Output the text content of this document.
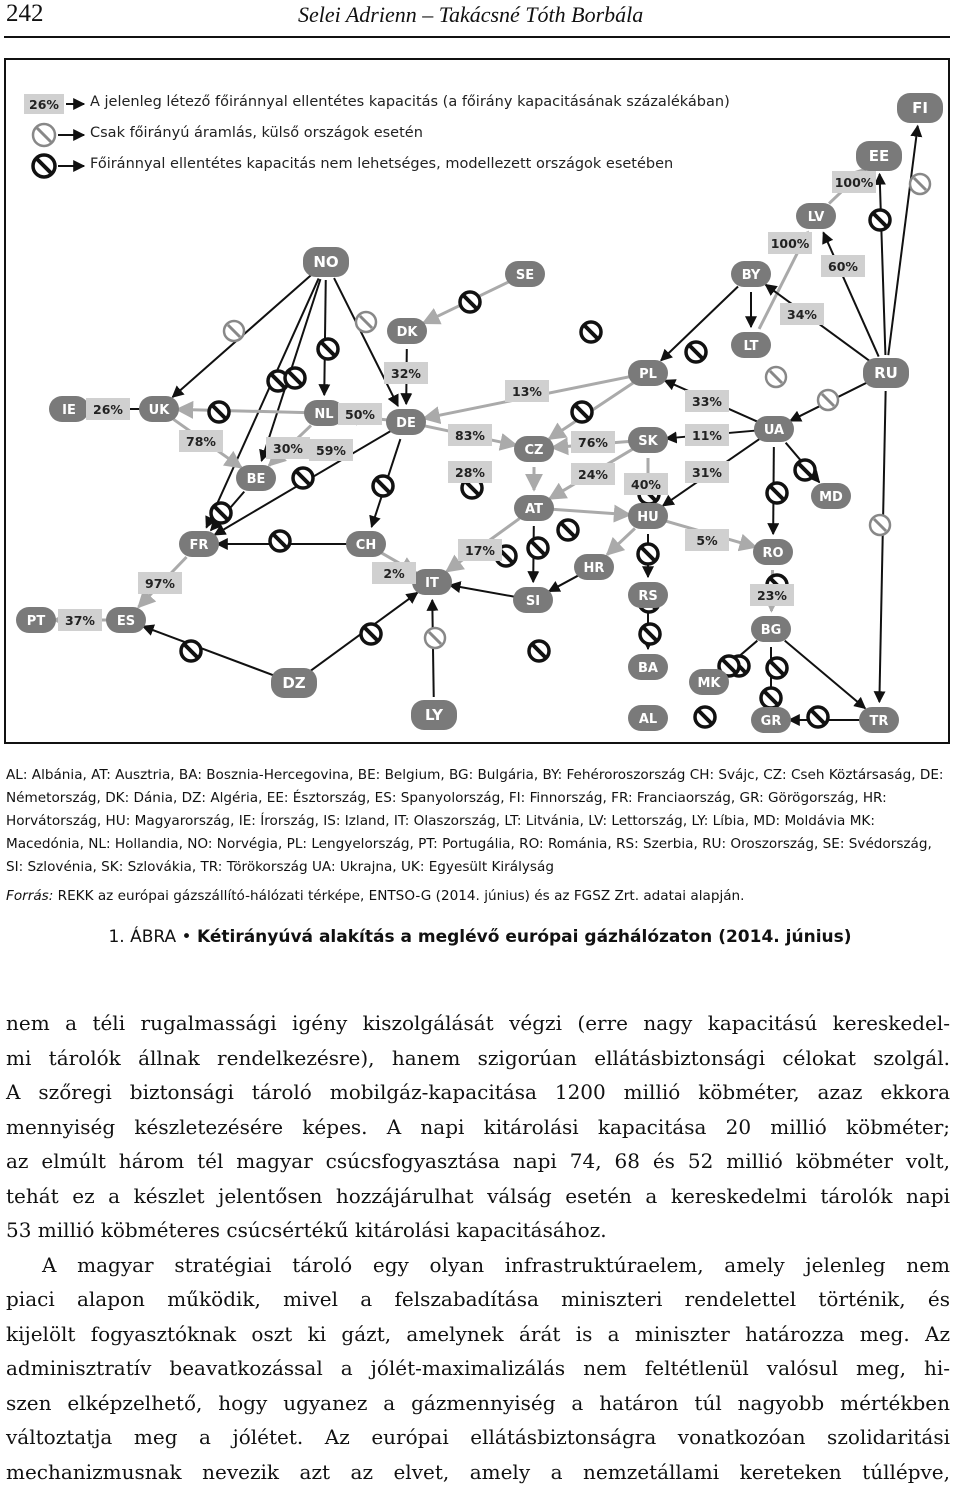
242	Selei Adrienn – Takácsné Tóth Borbála
FI
EE
LV
BY
NO
SE
DK
LT
RU
IE	UK	NL
DE
PL
CZ
SK
UA
BE
AT
HU
MD
FR	CH
HR
RO
PT	ES
IT
SI	RS
BG
DZ
BA
MK
LY	AL	GR	TR
100%
100%
60%
34%
26%
32%
50%
78%	30% 59%
83%
13%
76%
33%
11%
28%	24%
40%
31%
17%
5%
97%
2%
23%
37%
26% A jelenleg létező főiránnyal ellentétes kapacitás (a főirány kapacitásának százalékában)
Csak főirányú áramlás, külső országok esetén
Főiránnyal ellentétes kapacitás nem lehetséges, modellezett országok esetében
AL: Albánia, AT: Ausztria, BA: Bosznia-Hercegovina, BE: Belgium, BG: Bulgária, BY: Fehéroroszország CH: Svájc, CZ: Cseh Köztársaság, DE: Németország, DK: Dánia, DZ: Algéria, EE: Észtország, ES: Spanyolország, FI: Finnország, FR: Franciaország, GR: Görögország, HR: Horvátország, HU: Magyarország, IE: Írország, IS: Izland, IT: Olaszország, LT: Litvánia, LV: Lettország, LY: Líbia, MD: Moldávia MK: Macedónia, NL: Hollandia, NO: Norvégia, PL: Lengyelország, PT: Portugália, RO: Románia, RS: Szerbia, RU: Oroszország, SE: Svédország, SI: Szlovénia, SK: Szlovákia, TR: Törökország UA: Ukrajna, UK: Egyesült Királyság
Forrás: REKK az európai gázszállító-hálózati térképe, ENTSO-G (2014. június) és az FGSZ Zrt. adatai alapján.
1. ÁBRA • Kétirányúvá alakítás a meglévő európai gázhálózaton (2014. június)

nem a téli rugalmassági igény kiszolgálását végzi (erre nagy kapacitású kereskedel-

mi tárolók állnak rendelkezésre), hanem szigorúan ellátásbiztonsági célokat szolgál.

A szőregi biztonsági tároló mobilgáz-kapacitása 1200 millió köbméter, azaz ekkora

mennyiség készletezésére képes. A napi kitárolási kapacitása 20 millió köbméter;

az elmúlt három tél magyar csúcsfogyasztása napi 74, 68 és 52 millió köbméter volt,

tehát ez a készlet jelentősen hozzájárulhat válság esetén a kereskedelmi tárolók napi

53 millió köbméteres csúcsértékű kitárolási kapacitásához.

A magyar stratégiai tároló egy olyan infrastruktúraelem, amely jelenleg nem

piaci alapon működik, mivel a felszabadítása miniszteri rendelettel történik, és

kijelölt fogyasztóknak oszt ki gázt, amelynek árát is a miniszter határozza meg. Az

adminisztratív beavatkozással a jólét-maximalizálás nem feltétlenül valósul meg, hi-

szen elképzelhető, hogy ugyanez a gázmennyiség a határon túl nagyobb mértékben

változtatja meg a jólétet. Az európai ellátásbiztonságra vonatkozóan szolidaritási

mechanizmusnak nevezik azt az elvet, amely a nemzetállami kereteken túllépve,
